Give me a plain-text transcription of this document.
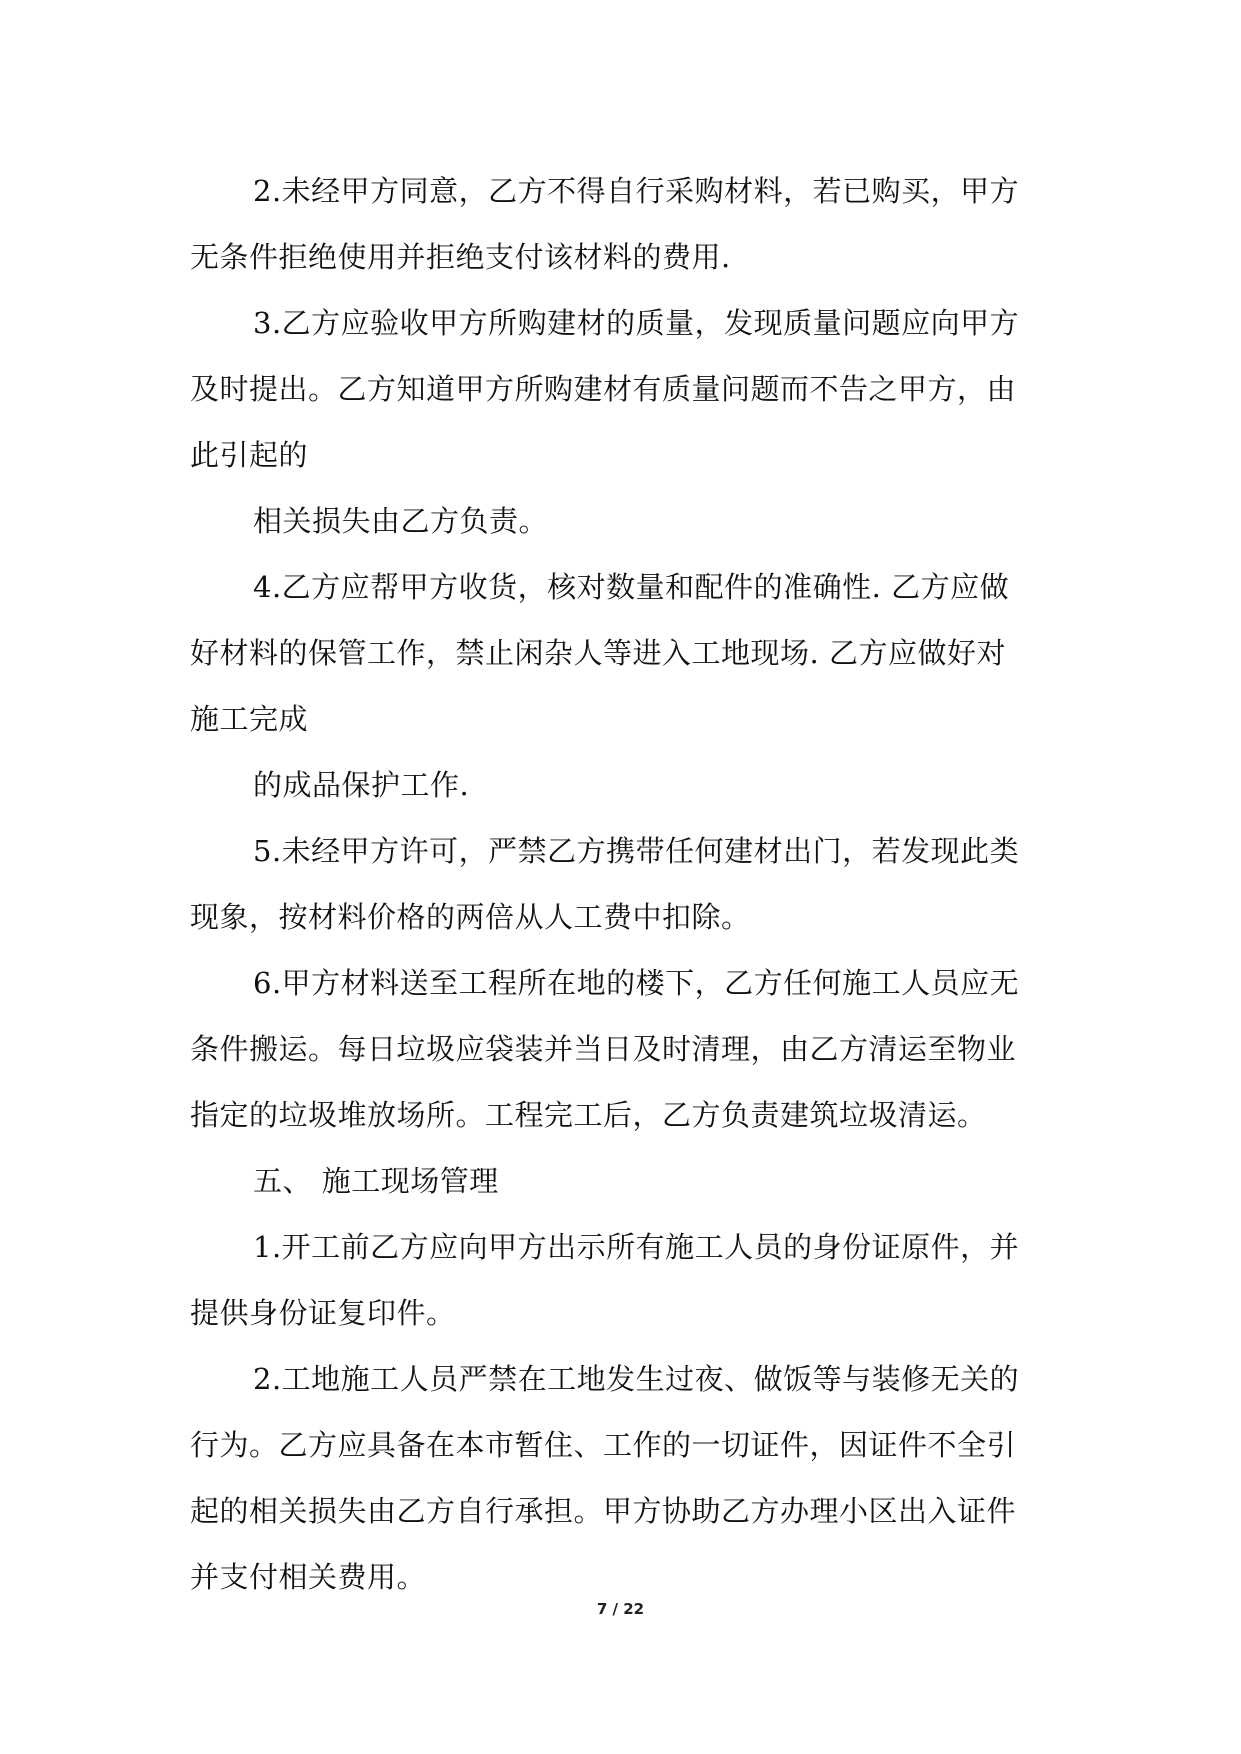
2.未经甲方同意，乙方不得自行采购材料，若已购买，甲方
无条件拒绝使用并拒绝支付该材料的费用.
3.乙方应验收甲方所购建材的质量，发现质量问题应向甲方
及时提出。乙方知道甲方所购建材有质量问题而不告之甲方，由
此引起的
相关损失由乙方负责。
4.乙方应帮甲方收货，核对数量和配件的准确性. 乙方应做
好材料的保管工作，禁止闲杂人等进入工地现场. 乙方应做好对
施工完成
的成品保护工作.
5.未经甲方许可，严禁乙方携带任何建材出门，若发现此类
现象，按材料价格的两倍从人工费中扣除。
6.甲方材料送至工程所在地的楼下，乙方任何施工人员应无
条件搬运。每日垃圾应袋装并当日及时清理，由乙方清运至物业
指定的垃圾堆放场所。工程完工后，乙方负责建筑垃圾清运。
五、 施工现场管理
1.开工前乙方应向甲方出示所有施工人员的身份证原件，并
提供身份证复印件。
2.工地施工人员严禁在工地发生过夜、做饭等与装修无关的
行为。乙方应具备在本市暂住、工作的一切证件，因证件不全引
起的相关损失由乙方自行承担。甲方协助乙方办理小区出入证件
并支付相关费用。
7 / 22
